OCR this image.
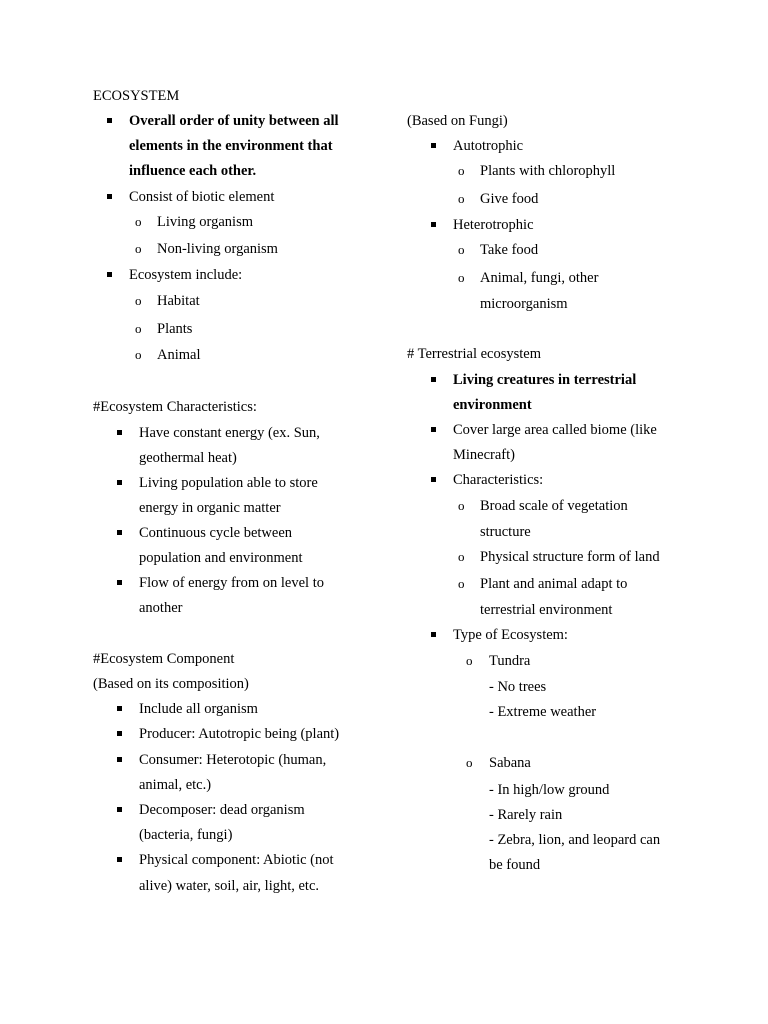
ECOSYSTEM
Overall order of unity between all
elements in the environment that
influence each other.
Consist of biotic element
o Living organism
o Non-living organism
Ecosystem include:
o Habitat
o Plants
o Animal
#Ecosystem Characteristics:
Have constant energy (ex. Sun,
geothermal heat)
Living population able to store
energy in organic matter
Continuous cycle between
population and environment
Flow of energy from on level to
another
#Ecosystem Component
(Based on its composition)
Include all organism
Producer: Autotropic being (plant)
Consumer: Heterotopic (human,
animal, etc.)
Decomposer: dead organism
(bacteria, fungi)
Physical component: Abiotic (not
alive) water, soil, air, light, etc.
(Based on Fungi)
Autotrophic
o Plants with chlorophyll
o Give food
Heterotrophic
o Take food
o Animal, fungi, other
microorganism
# Terrestrial ecosystem
Living creatures in terrestrial
environment
Cover large area called biome (like
Minecraft)
Characteristics:
o Broad scale of vegetation
structure
o Physical structure form of land
o Plant and animal adapt to
terrestrial environment
Type of Ecosystem:
o Tundra
- No trees
- Extreme weather
o Sabana
- In high/low ground
- Rarely rain
- Zebra, lion, and leopard can
be found
